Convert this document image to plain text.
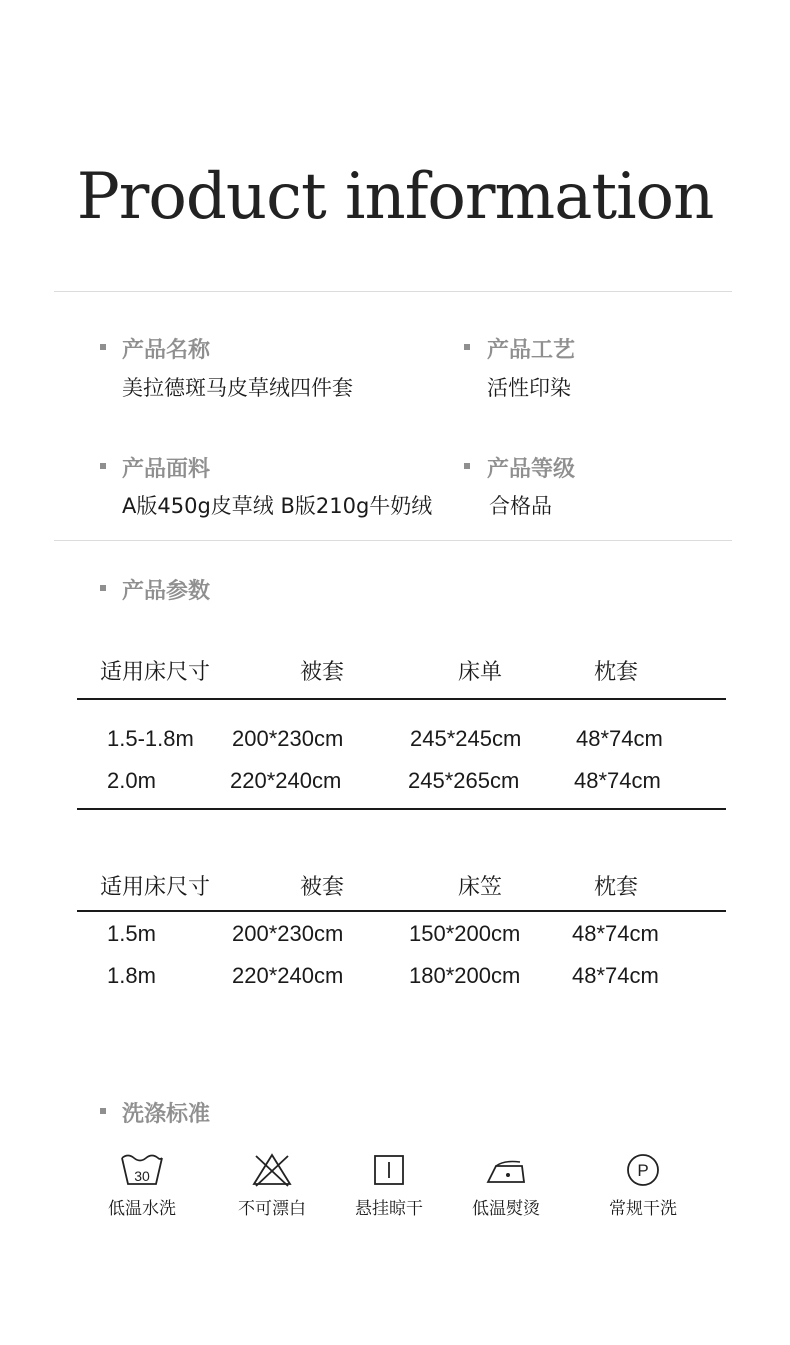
Product information
产品名称
美拉德斑马皮草绒四件套
产品工艺
活性印染
产品面料
A版450g皮草绒 B版210g牛奶绒
产品等级
合格品
产品参数
适用床尺寸	被套	床单	枕套
1.5-1.8m 200*230cm	245*245cm 48*74cm
2.0m	220*240cm	245*265cm 48*74cm
适用床尺寸	被套	床笠	枕套
1.5m	200*230cm	150*200cm 48*74cm
1.8m	220*240cm	180*200cm 48*74cm
洗涤标准
30
低温水洗	不可漂白	悬挂晾干	低温熨烫
P
常规干洗
